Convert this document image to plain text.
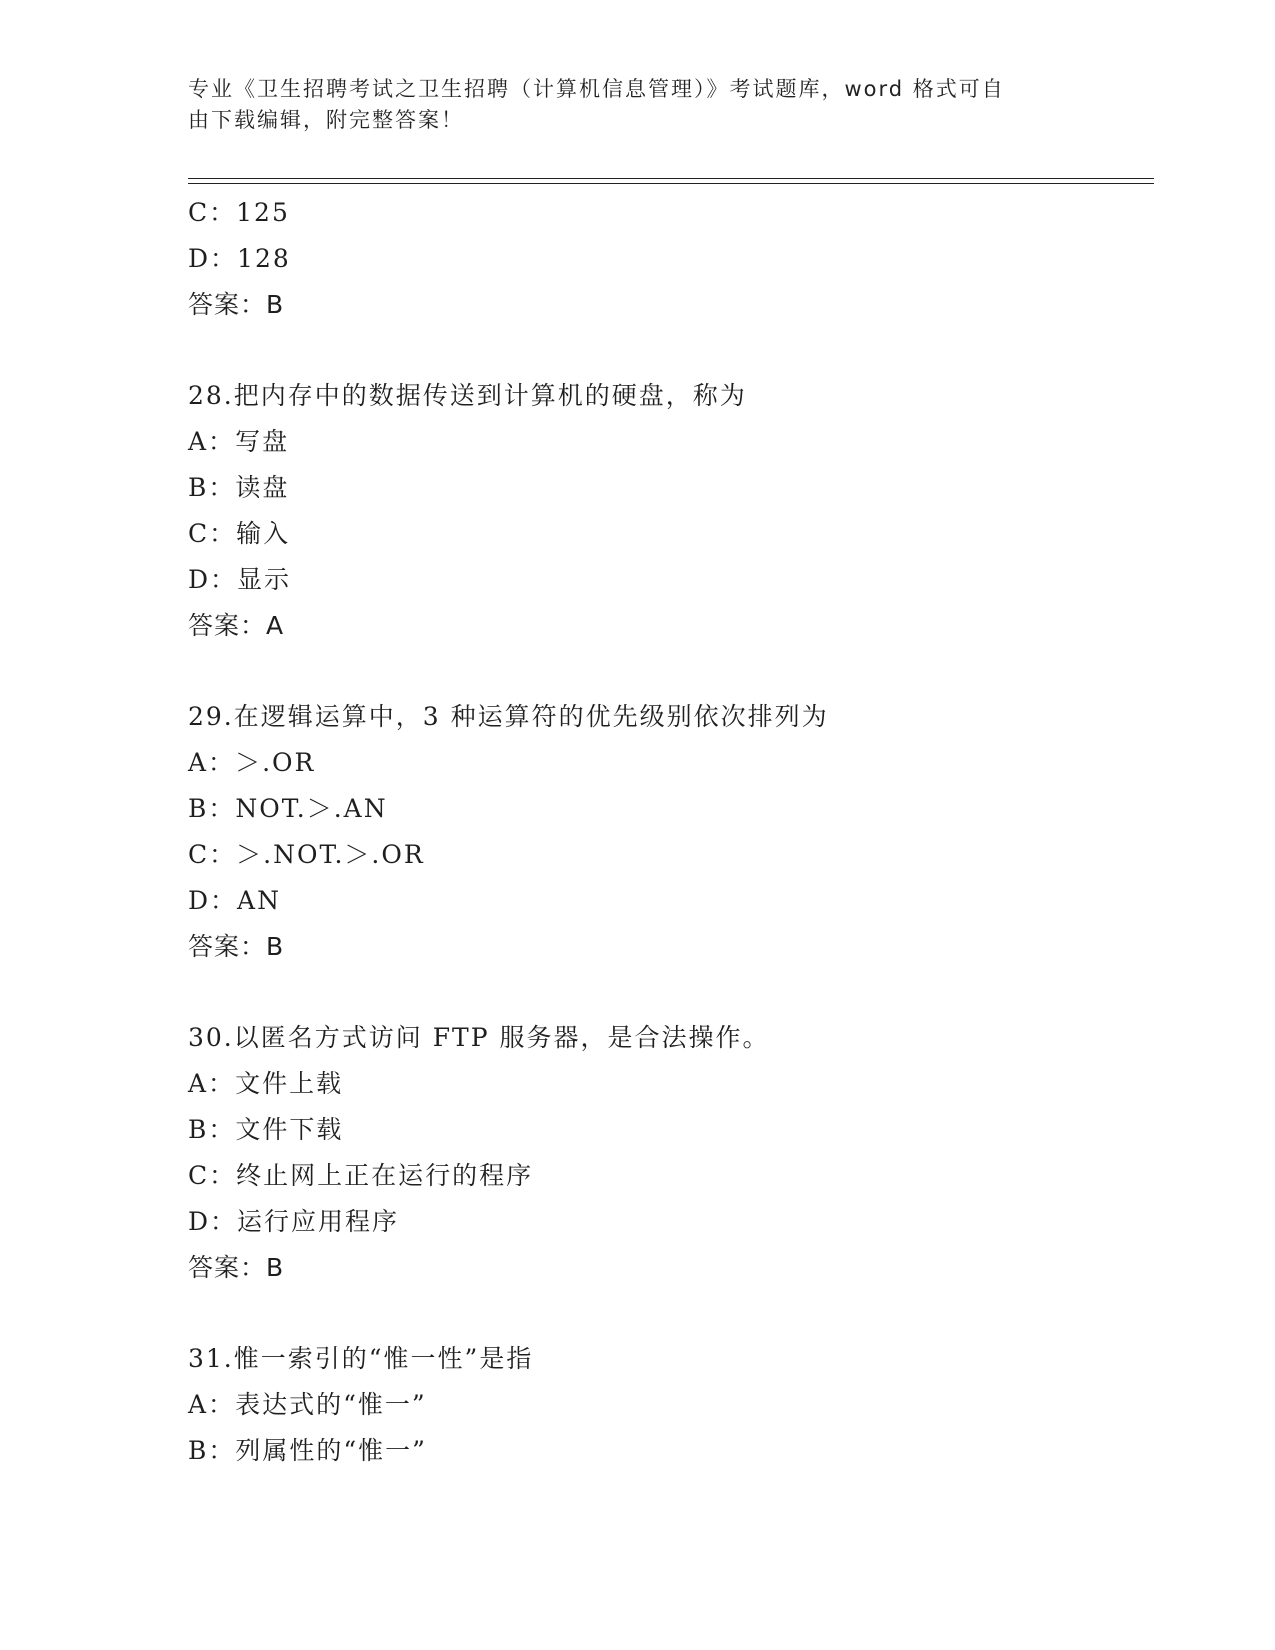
专业《卫生招聘考试之卫生招聘（计算机信息管理）》考试题库，word 格式可自
由下载编辑，附完整答案！
C：125
D：128
答案：B
28.把内存中的数据传送到计算机的硬盘，称为
A：写盘
B：读盘
C：输入
D：显示
答案：A
29.在逻辑运算中，3 种运算符的优先级别依次排列为
A：＞.OR
B：NOT.＞.AN
C：＞.NOT.＞.OR
D：AN
答案：B
30.以匿名方式访问 FTP 服务器，是合法操作。
A：文件上载
B：文件下载
C：终止网上正在运行的程序
D：运行应用程序
答案：B
31.惟一索引的“惟一性”是指
A：表达式的“惟一”
B：列属性的“惟一”
